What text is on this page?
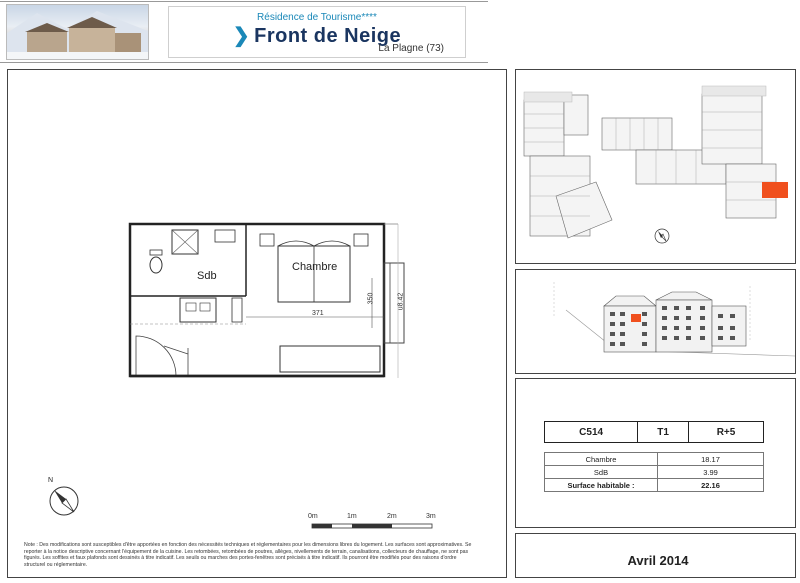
Résidence de Tourisme****
❯ Front de Neige
La Plagne (73)
Sdb
Chambre
371
350	u8.42
N
0m	1m	2m	3m
Note : Des modifications sont susceptibles d'être apportées en fonction des nécessités techniques et réglementaires pour les dimensions libres du logement. Les surfaces sont approximatives. Se reporter à la notice descriptive concernant l'équipement de la cuisine. Les retombées, retombées de poutres, allèges, nivellements de terrain, canalisations, collecteurs de chauffage, ne sont pas figurés. Les soffites et faux plafonds sont dessinés à titre indicatif. Les seuils ou marches des portes-fenêtres sont précisés à titre indicatif. Ils pourront être modifiés pour des raisons d'ordre structurel ou réglementaire.
C514	T1	R+5
Chambre	18.17
SdB	3.99
Surface habitable :	22.16
Avril 2014
